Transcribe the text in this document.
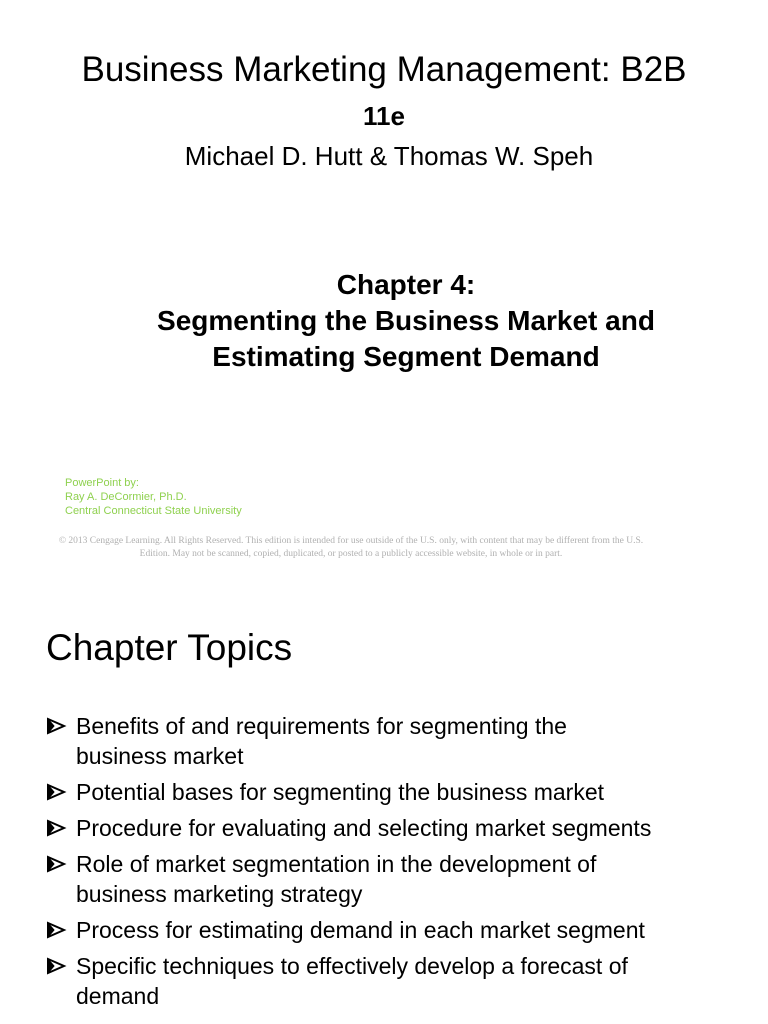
Business Marketing Management: B2B
11e
Michael D. Hutt & Thomas W. Speh
Chapter 4:
Segmenting the Business Market and
Estimating Segment Demand
PowerPoint by:
Ray A. DeCormier, Ph.D.
Central Connecticut State University
© 2013 Cengage Learning. All Rights Reserved. This edition is intended for use outside of the U.S. only, with content that may be different from the U.S.
Edition. May not be scanned, copied, duplicated, or posted to a publicly accessible website, in whole or in part.
Chapter Topics
Benefits of and requirements for segmenting the
business market
Potential bases for segmenting the business market
Procedure for evaluating and selecting market segments
Role of market segmentation in the development of
business marketing strategy
Process for estimating demand in each market segment
Specific techniques to effectively develop a forecast of
demand
